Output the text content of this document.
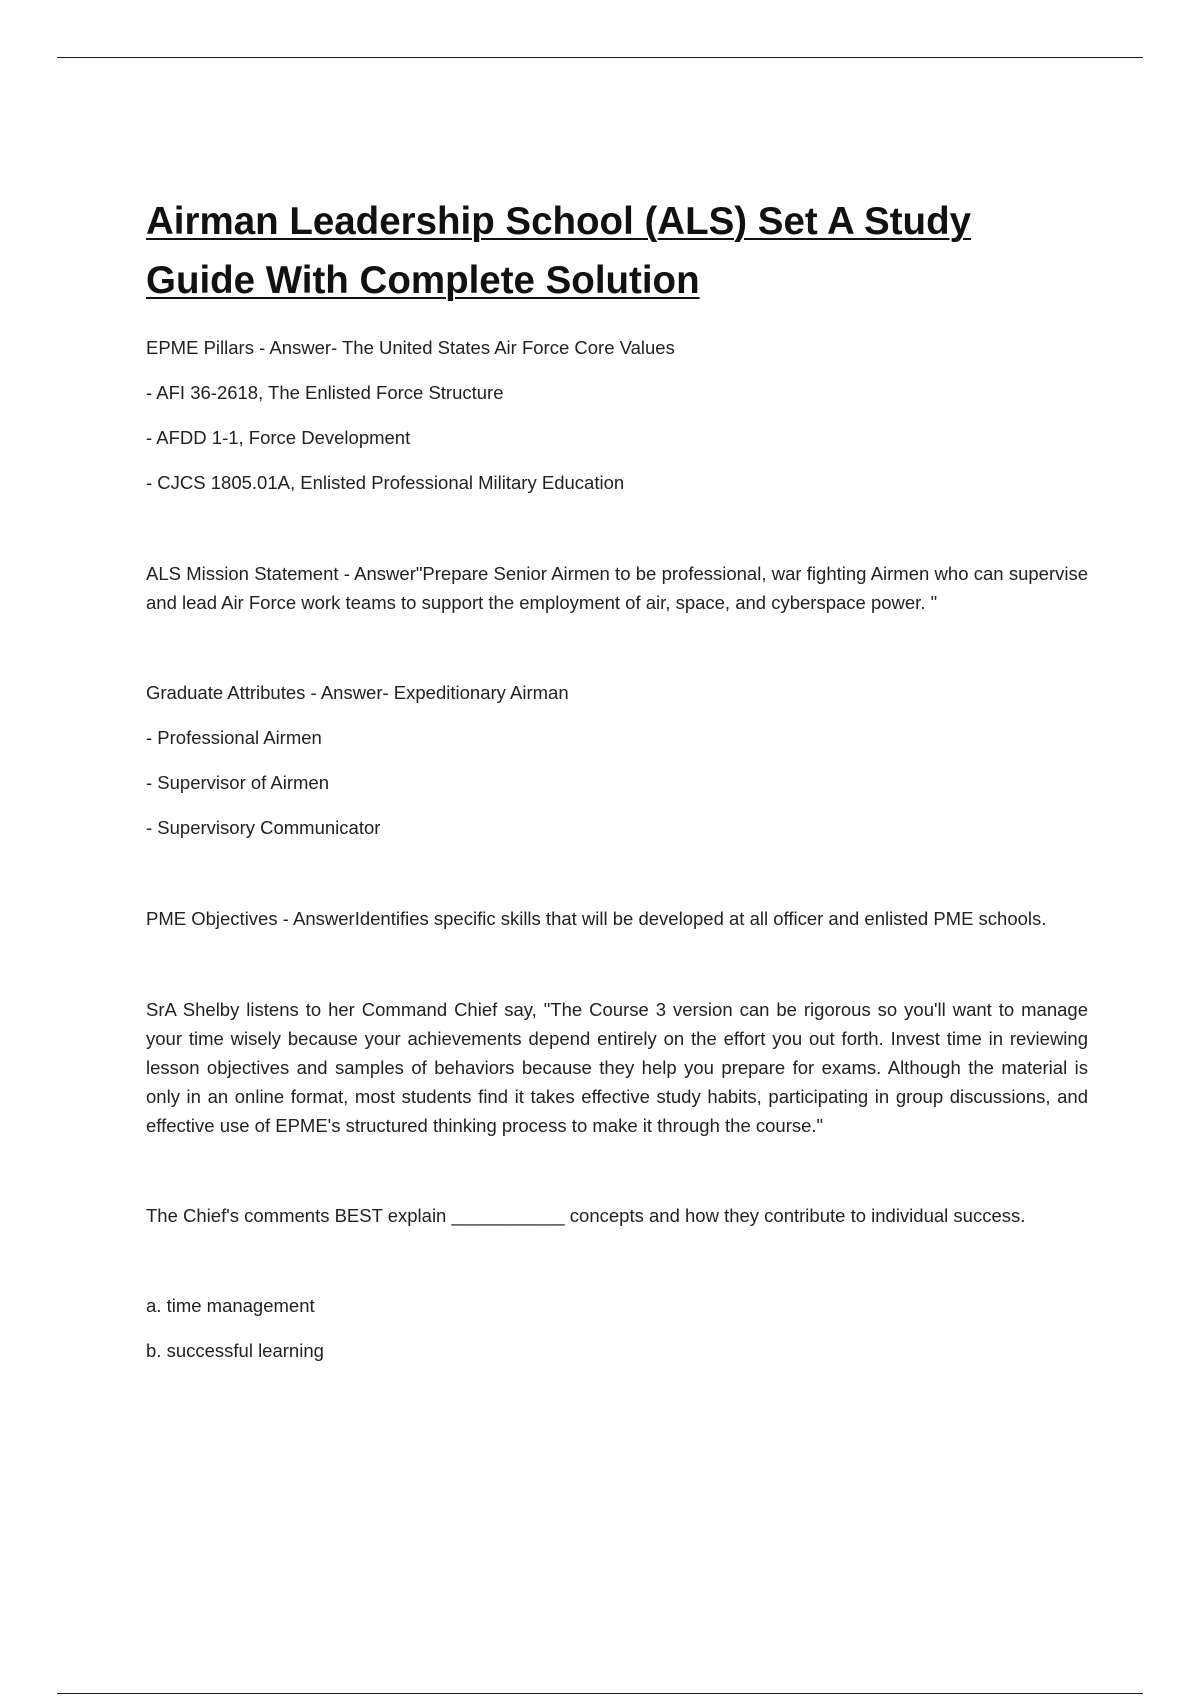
Airman Leadership School (ALS) Set A Study Guide With Complete Solution

EPME Pillars - Answer- The United States Air Force Core Values

- AFI 36-2618, The Enlisted Force Structure

- AFDD 1-1, Force Development

- CJCS 1805.01A, Enlisted Professional Military Education

ALS Mission Statement - Answer"Prepare Senior Airmen to be professional, war fighting Airmen who can supervise and lead Air Force work teams to support the employment of air, space, and cyberspace power. "

Graduate Attributes - Answer- Expeditionary Airman

- Professional Airmen

- Supervisor of Airmen

- Supervisory Communicator

PME Objectives - AnswerIdentifies specific skills that will be developed at all officer and enlisted PME schools.

SrA Shelby listens to her Command Chief say, "The Course 3 version can be rigorous so you'll want to manage your time wisely because your achievements depend entirely on the effort you out forth. Invest time in reviewing lesson objectives and samples of behaviors because they help you prepare for exams. Although the material is only in an online format, most students find it takes effective study habits, participating in group discussions, and effective use of EPME's structured thinking process to make it through the course."

The Chief's comments BEST explain ___________ concepts and how they contribute to individual success.

a. time management

b. successful learning
